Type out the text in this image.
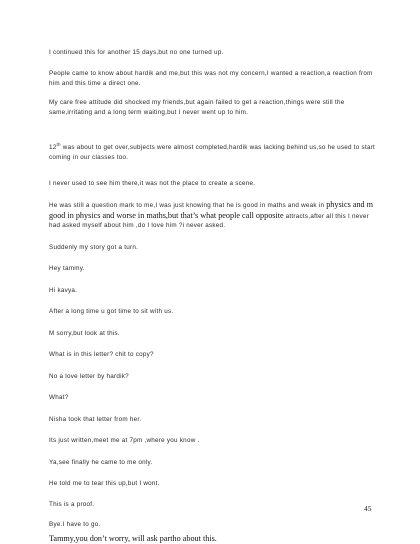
I continued this for another 15 days,but no one turned up.

People came to know about hardik and me,but this was not my concern,I wanted a reaction,a reaction from him and this time a direct one.

My care free attitude did shocked my friends,but again failed to get a reaction,things were still the same,irritating and a long term waiting,but I never went up to him.

12th was about to get over,subjects were almost completed,hardik was lacking behind us,so he used to start coming in our classes too.

I never used to see him there,it was not the place to create a scene.

He was still a question mark to me,I was just knowing that he is good in maths and weak in physics and m good in physics and worse in maths,but that’s what people call opposite attracts,after all this I never had asked myself about him ,do I love him ?i never asked.

Suddenly my story got a turn.

Hey tammy.

Hi kavya.

After a long time u got time to sit with us.

M sorry,but look at this.

What is in this letter? chit to copy?

No a love letter by hardik?

What?

Nisha took that letter from her.

Its just written,meet me at 7pm ,where you know .

Ya,see finally he came to me only.

He told me to tear this up,but I wont.

This is a proof.

Bye.I have to go.

Tammy,you don’t worry, will ask partho about this.

45
